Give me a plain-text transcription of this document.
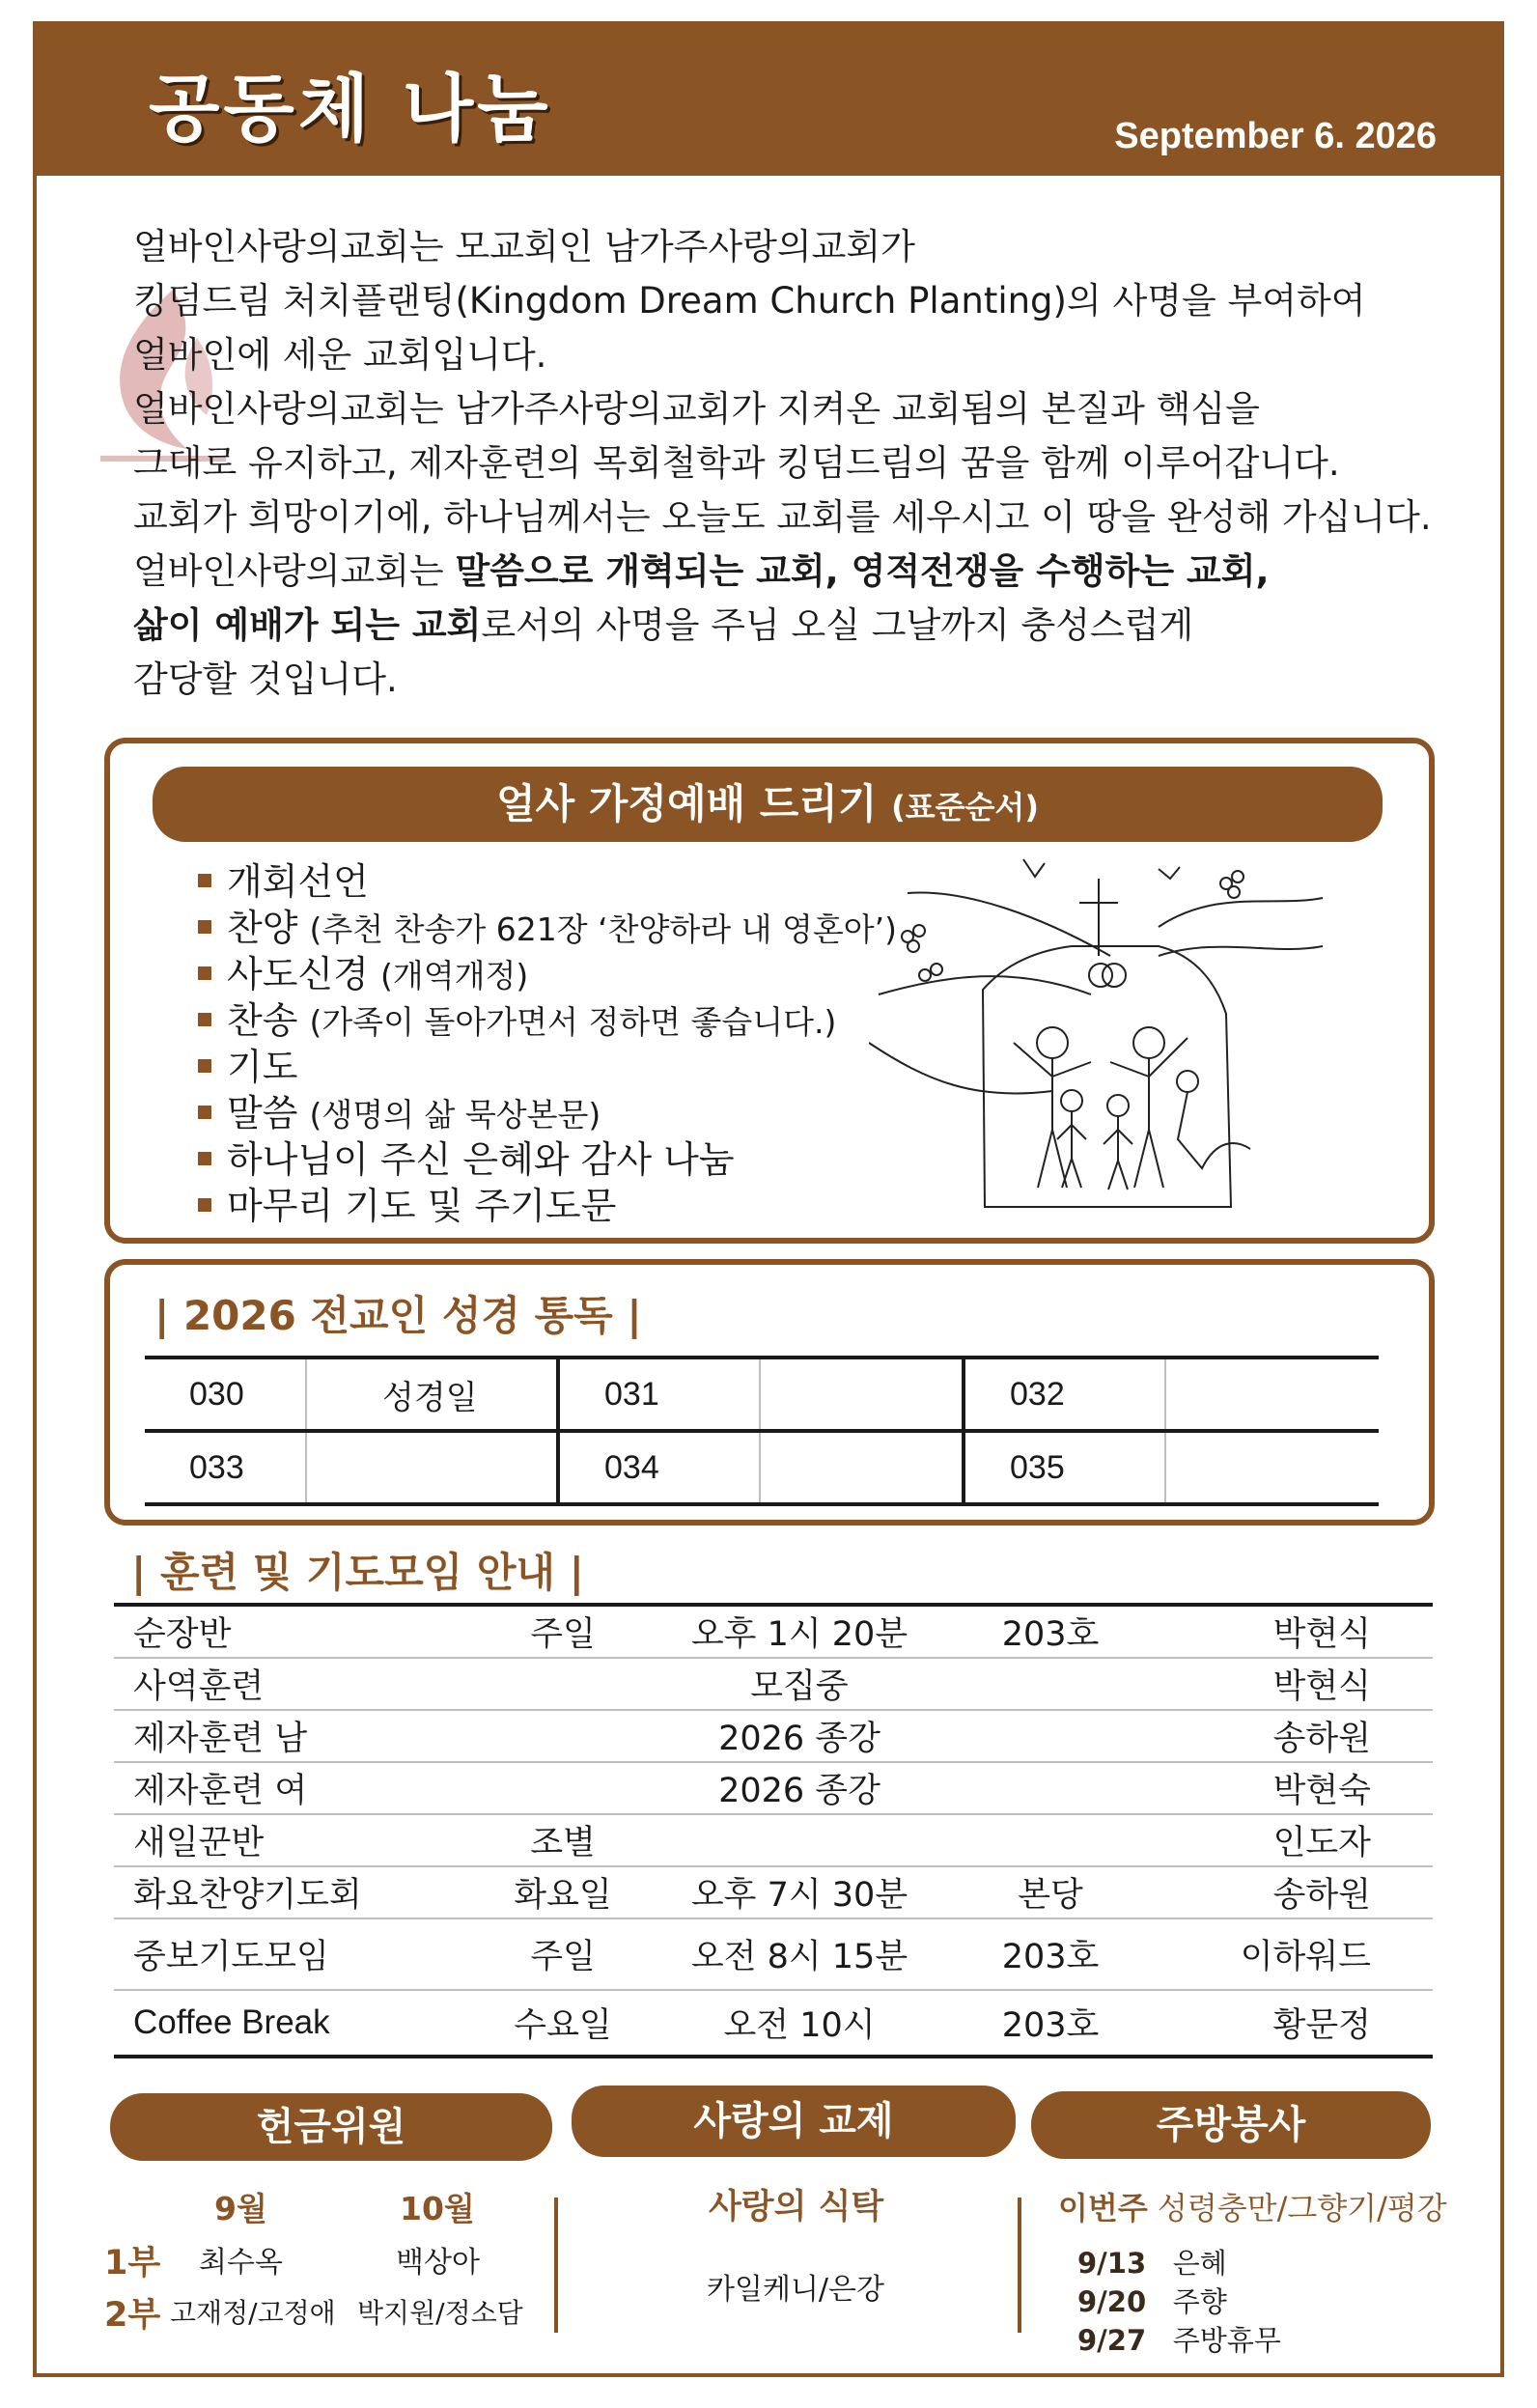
공동체 나눔	September 6. 2026

얼바인사랑의교회는 모교회인 남가주사랑의교회가

킹덤드림 처치플랜팅(Kingdom Dream Church Planting)의 사명을 부여하여

얼바인에 세운 교회입니다.

얼바인사랑의교회는 남가주사랑의교회가 지켜온 교회됨의 본질과 핵심을

그대로 유지하고, 제자훈련의 목회철학과 킹덤드림의 꿈을 함께 이루어갑니다.

교회가 희망이기에, 하나님께서는 오늘도 교회를 세우시고 이 땅을 완성해 가십니다.

얼바인사랑의교회는 말씀으로 개혁되는 교회, 영적전쟁을 수행하는 교회,

삶이 예배가 되는 교회로서의 사명을 주님 오실 그날까지 충성스럽게

감당할 것입니다.

얼사 가정예배 드리기 (표준순서)
개회선언
찬양 (추천 찬송가 621장 ‘찬양하라 내 영혼아’)
사도신경 (개역개정)
찬송 (가족이 돌아가면서 정하면 좋습니다.)
기도
말씀 (생명의 삶 묵상본문)
하나님이 주신 은혜와 감사 나눔
마무리 기도 및 주기도문
| 2026 전교인 성경 통독 |
030	성경일	031		032	
033		034		035	
| 훈련 및 기도모임 안내 |
순장반	주일	오후 1시 20분	203호	박현식
사역훈련		모집중		박현식
제자훈련 남		2026 종강		송하원
제자훈련 여		2026 종강		박현숙
새일꾼반	조별			인도자
화요찬양기도회	화요일	오후 7시 30분	본당	송하원
중보기도모임	주일	오전 8시 15분	203호	이하워드
Coffee Break	수요일	오전 10시	203호	황문정
헌금위원	사랑의 교제	주방봉사
9월	10월
1부 최수옥	백상아
2부 고재정/고정애 박지원/정소담
사랑의 식탁
카일케니/은강
이번주 성령충만/그향기/평강
9/13 은혜
9/20 주향
9/27 주방휴무
